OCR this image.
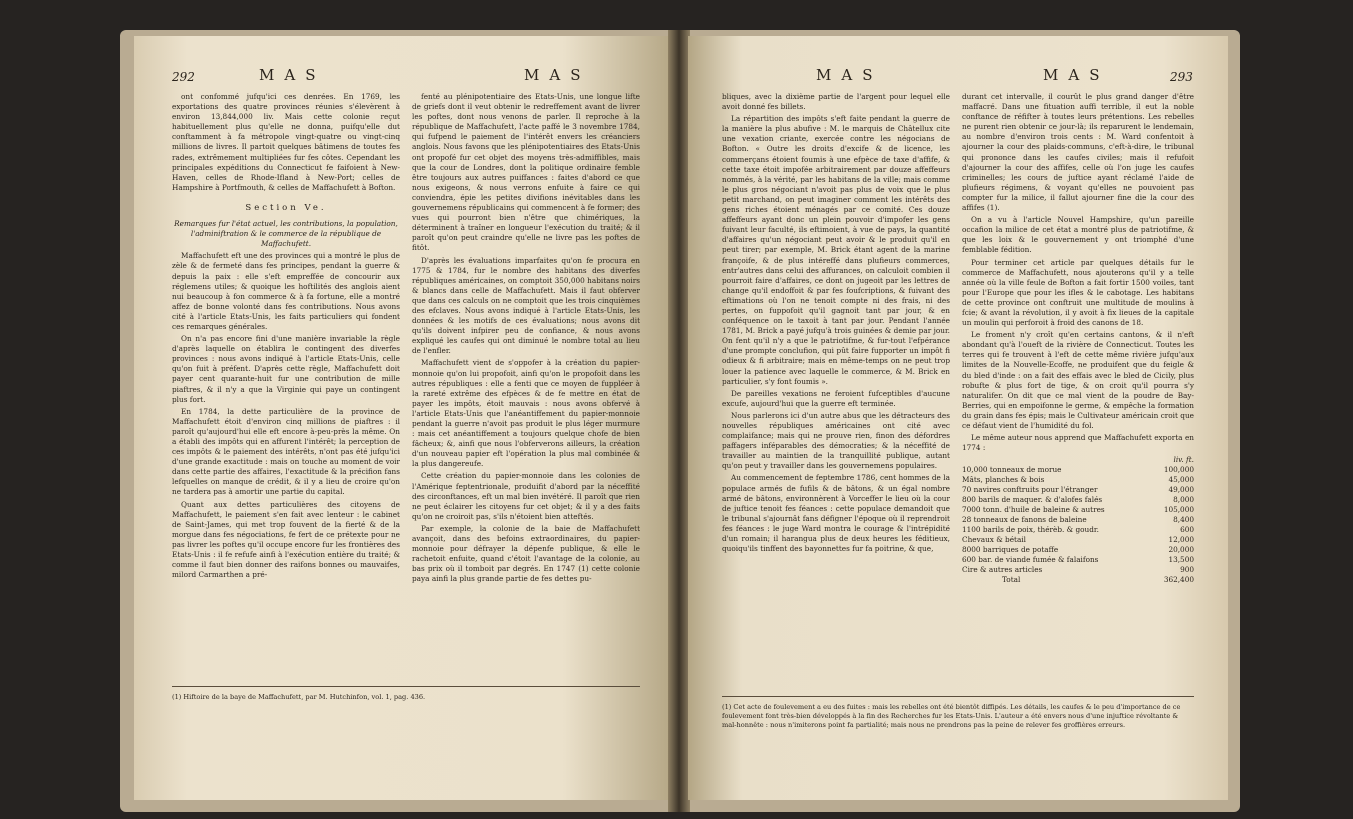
292	MAS	MAS

ont confommé jufqu'ici ces denrées. En 1769, les exportations des quatre provinces réunies s'élevèrent à environ 13,844,000 liv. Mais cette colonie reçut habituellement plus qu'elle ne donna, puifqu'elle dut conftamment à fa métropole vingt-quatre ou vingt-cinq millions de livres. Il partoit quelques bâtimens de toutes fes rades, extrêmement multipliées fur fes côtes. Cependant les principales expéditions du Connecticut fe faifoient à New-Haven, celles de Rhode-Ifland à New-Port; celles de Hampshire à Portfmouth, & celles de Maffachufett à Bofton.

Section Ve.

Remarques fur l'état actuel, les contributions, la population, l'adminiftration & le commerce de la république de Maffachufett.

Maffachufett eft une des provinces qui a montré le plus de zèle & de fermeté dans fes principes, pendant la guerre & depuis la paix : elle s'eft empreffée de concourir aux réglemens utiles; & quoique les hoftilités des anglois aient nui beaucoup à fon commerce & à fa fortune, elle a montré affez de bonne volonté dans fes contributions. Nous avons cité à l'article Etats-Unis, les faits particuliers qui fondent ces remarques générales.

On n'a pas encore fini d'une manière invariable la règle d'après laquelle on établira le contingent des diverfes provinces : nous avons indiqué à l'article Etats-Unis, celle qu'on fuit à préfent. D'après cette règle, Maffachufett doit payer cent quarante-huit fur une contribution de mille piaftres, & il n'y a que la Virginie qui paye un contingent plus fort.

En 1784, la dette particulière de la province de Maffachufett étoit d'environ cinq millions de piaftres : il paroît qu'aujourd'hui elle eft encore à-peu-près la même. On a établi des impôts qui en affurent l'intérêt; la perception de ces impôts & le paiement des intérêts, n'ont pas été jufqu'ici d'une grande exactitude : mais on touche au moment de voir dans cette partie des affaires, l'exactitude & la précifion fans lefquelles on manque de crédit, & il y a lieu de croire qu'on ne tardera pas à amortir une partie du capital.

Quant aux dettes particulières des citoyens de Maffachufett, le paiement s'en fait avec lenteur : le cabinet de Saint-James, qui met trop fouvent de la fierté & de la morgue dans fes négociations, fe fert de ce prétexte pour ne pas livrer les poftes qu'il occupe encore fur les frontières des Etats-Unis : il fe refufe ainfi à l'exécution entière du traité; & comme il faut bien donner des raifons bonnes ou mauvaifes, milord Carmarthen a pré-

fenté au plénipotentiaire des Etats-Unis, une longue lifte de griefs dont il veut obtenir le redreffement avant de livrer les poftes, dont nous venons de parler. Il reproche à la république de Maffachufett, l'acte paffé le 3 novembre 1784, qui fufpend le paiement de l'intérêt envers les créanciers anglois. Nous favons que les plénipotentiaires des Etats-Unis ont propofé fur cet objet des moyens très-admiffibles, mais que la cour de Londres, dont la politique ordinaire femble être toujours aux autres puiffances : faites d'abord ce que nous exigeons, & nous verrons enfuite à faire ce qui conviendra, épie les petites divifions inévitables dans les gouvernemens républicains qui commencent à fe former; des vues qui pourront bien n'être que chimériques, la déterminent à traîner en longueur l'exécution du traité; & il paroît qu'on peut craindre qu'elle ne livre pas les poftes de fitôt.

D'après les évaluations imparfaites qu'on fe procura en 1775 & 1784, fur le nombre des habitans des diverfes républiques américaines, on comptoit 350,000 habitans noirs & blancs dans celle de Maffachufett. Mais il faut obferver que dans ces calculs on ne comptoit que les trois cinquièmes des efclaves. Nous avons indiqué à l'article Etats-Unis, les données & les motifs de ces évaluations; nous avons dit qu'ils doivent infpirer peu de confiance, & nous avons expliqué les caufes qui ont diminué le nombre total au lieu de l'enfler.

Maffachufett vient de s'oppofer à la création du papier-monnoie qu'on lui propofoit, ainfi qu'on le propofoit dans les autres républiques : elle a fenti que ce moyen de fuppléer à la rareté extrême des efpèces & de fe mettre en état de payer les impôts, étoit mauvais : nous avons obfervé à l'article Etats-Unis que l'anéantiffement du papier-monnoie pendant la guerre n'avoit pas produit le plus léger murmure : mais cet anéantiffement a toujours quelque chofe de bien fâcheux; &, ainfi que nous l'obferverons ailleurs, la création d'un nouveau papier eft l'opération la plus mal combinée & la plus dangereufe.

Cette création du papier-monnoie dans les colonies de l'Amérique feptentrionale, produifit d'abord par la néceffité des circonftances, eft un mal bien invétéré. Il paroît que rien ne peut éclairer les citoyens fur cet objet; & il y a des faits qu'on ne croiroit pas, s'ils n'étoient bien atteftés.

Par exemple, la colonie de la baie de Maffachufett avançoit, dans des befoins extraordinaires, du papier-monnoie pour défrayer la dépenfe publique, & elle le rachetoit enfuite, quand c'étoit l'avantage de la colonie, au bas prix où il tomboit par degrés. En 1747 (1) cette colonie paya ainfi la plus grande partie de fes dettes pu-

(1) Hiftoire de la baye de Maffachufett, par M. Hutchinfon, vol. 1, pag. 436.
MAS	MAS	293

bliques, avec la dixième partie de l'argent pour lequel elle avoit donné fes billets.

La répartition des impôts s'eft faite pendant la guerre de la manière la plus abufive : M. le marquis de Châtellux cite une vexation criante, exercée contre les négocians de Bofton. « Outre les droits d'excife & de licence, les commerçans étoient foumis à une efpèce de taxe d'affife, & cette taxe étoit impofée arbitrairement par douze affeffeurs nommés, à la vérité, par les habitans de la ville; mais comme le plus gros négociant n'avoit pas plus de voix que le plus petit marchand, on peut imaginer comment les intérêts des gens riches étoient ménagés par ce comité. Ces douze affeffeurs ayant donc un plein pouvoir d'impofer les gens fuivant leur faculté, ils eftimoient, à vue de pays, la quantité d'affaires qu'un négociant peut avoir & le produit qu'il en peut tirer; par exemple, M. Brick étant agent de la marine françoife, & de plus intéreffé dans plufieurs commerces, entr'autres dans celui des affurances, on calculoit combien il pourroit faire d'affaires, ce dont on jugeoit par les lettres de change qu'il endoffoit & par fes foufcriptions, & fuivant des eftimations où l'on ne tenoit compte ni des frais, ni des pertes, on fuppofoit qu'il gagnoit tant par jour, & en conféquence on le taxoit à tant par jour. Pendant l'année 1781, M. Brick a payé jufqu'à trois guinées & demie par jour. On fent qu'il n'y a que le patriotifme, & fur-tout l'efpérance d'une prompte conclufion, qui pût faire fupporter un impôt fi odieux & fi arbitraire; mais en même-temps on ne peut trop louer la patience avec laquelle le commerce, & M. Brick en particulier, s'y font foumis ».

De pareilles vexations ne feroient fufceptibles d'aucune excufe, aujourd'hui que la guerre eft terminée.

Nous parlerons ici d'un autre abus que les détracteurs des nouvelles républiques américaines ont cité avec complaifance; mais qui ne prouve rien, finon des défordres paffagers inféparables des démocraties; & la néceffité de travailler au maintien de la tranquillité publique, autant qu'on peut y travailler dans les gouvernemens populaires.

Au commencement de feptembre 1786, cent hommes de la populace armés de fufils & de bâtons, & un égal nombre armé de bâtons, environnèrent à Vorceffer le lieu où la cour de juftice tenoit fes féances : cette populace demandoit que le tribunal s'ajournât fans défigner l'époque où il reprendroit fes féances : le juge Ward montra le courage & l'intrépidité d'un romain; il harangua plus de deux heures les féditieux, quoiqu'ils tinffent des bayonnettes fur fa poitrine, & que,

durant cet intervalle, il courût le plus grand danger d'être maffacré. Dans une fituation auffi terrible, il eut la noble conftance de réfifter à toutes leurs prétentions. Les rebelles ne purent rien obtenir ce jour-là; ils reparurent le lendemain, au nombre d'environ trois cents : M. Ward confentoit à ajourner la cour des plaids-communs, c'eft-à-dire, le tribunal qui prononce dans les caufes civiles; mais il refufoit d'ajourner la cour des affifes, celle où l'on juge les caufes criminelles; les cours de juftice ayant réclamé l'aide de plufieurs régimens, & voyant qu'elles ne pouvoient pas compter fur la milice, il fallut ajourner fine die la cour des affifes (1).

On a vu à l'article Nouvel Hampshire, qu'un pareille occafion la milice de cet état a montré plus de patriotifme, & que les loix & le gouvernement y ont triomphé d'une femblable fédition.

Pour terminer cet article par quelques détails fur le commerce de Maffachufett, nous ajouterons qu'il y a telle année où la ville feule de Bofton a fait fortir 1500 voiles, tant pour l'Europe que pour les ifles & le cabotage. Les habitans de cette province ont conftruit une multitude de moulins à fcie; & avant la révolution, il y avoit à fix lieues de la capitale un moulin qui perforoit à froid des canons de 18.

Le froment n'y croît qu'en certains cantons, & il n'eft abondant qu'à l'oueft de la rivière de Connecticut. Toutes les terres qui fe trouvent à l'eft de cette même rivière jufqu'aux limites de la Nouvelle-Ecoffe, ne produifent que du feigle & du bled d'inde : on a fait des effais avec le bled de Cicily, plus robufte & plus fort de tige, & on croit qu'il pourra s'y naturalifer. On dit que ce mal vient de la poudre de Bay-Berries, qui en empoifonne le germe, & empêche la formation du grain dans fes épis; mais le Cultivateur américain croit que ce défaut vient de l'humidité du fol.

Le même auteur nous apprend que Maffachufett exporta en 1774 :

liv. ft.
10,000 tonneaux de morue	100,000
Mâts, planches & bois	45,000
70 navires conftruits pour l'étranger	49,000
800 barils de maquer. & d'alofes falés	8,000
7000 tonn. d'huile de baleine & autres	105,000
28 tonneaux de fanons de baleine	8,400
1100 barils de poix, thérèb. & goudr.	600
Chevaux & bétail	12,000
8000 barriques de potaffe	20,000
600 bar. de viande fumée & falaifons	13,500
Cire & autres articles	900
Total	362,400
(1) Cet acte de foulevement a eu des fuites : mais les rebelles ont été bientôt diffipés. Les détails, les caufes & le peu d'importance de ce foulevement font très-bien développés à la fin des Recherches fur les Etats-Unis. L'auteur a été envers nous d'une injuftice révoltante & mal-honnête : nous n'imiterons point fa partialité; mais nous ne prendrons pas la peine de relever fes groffières erreurs.
